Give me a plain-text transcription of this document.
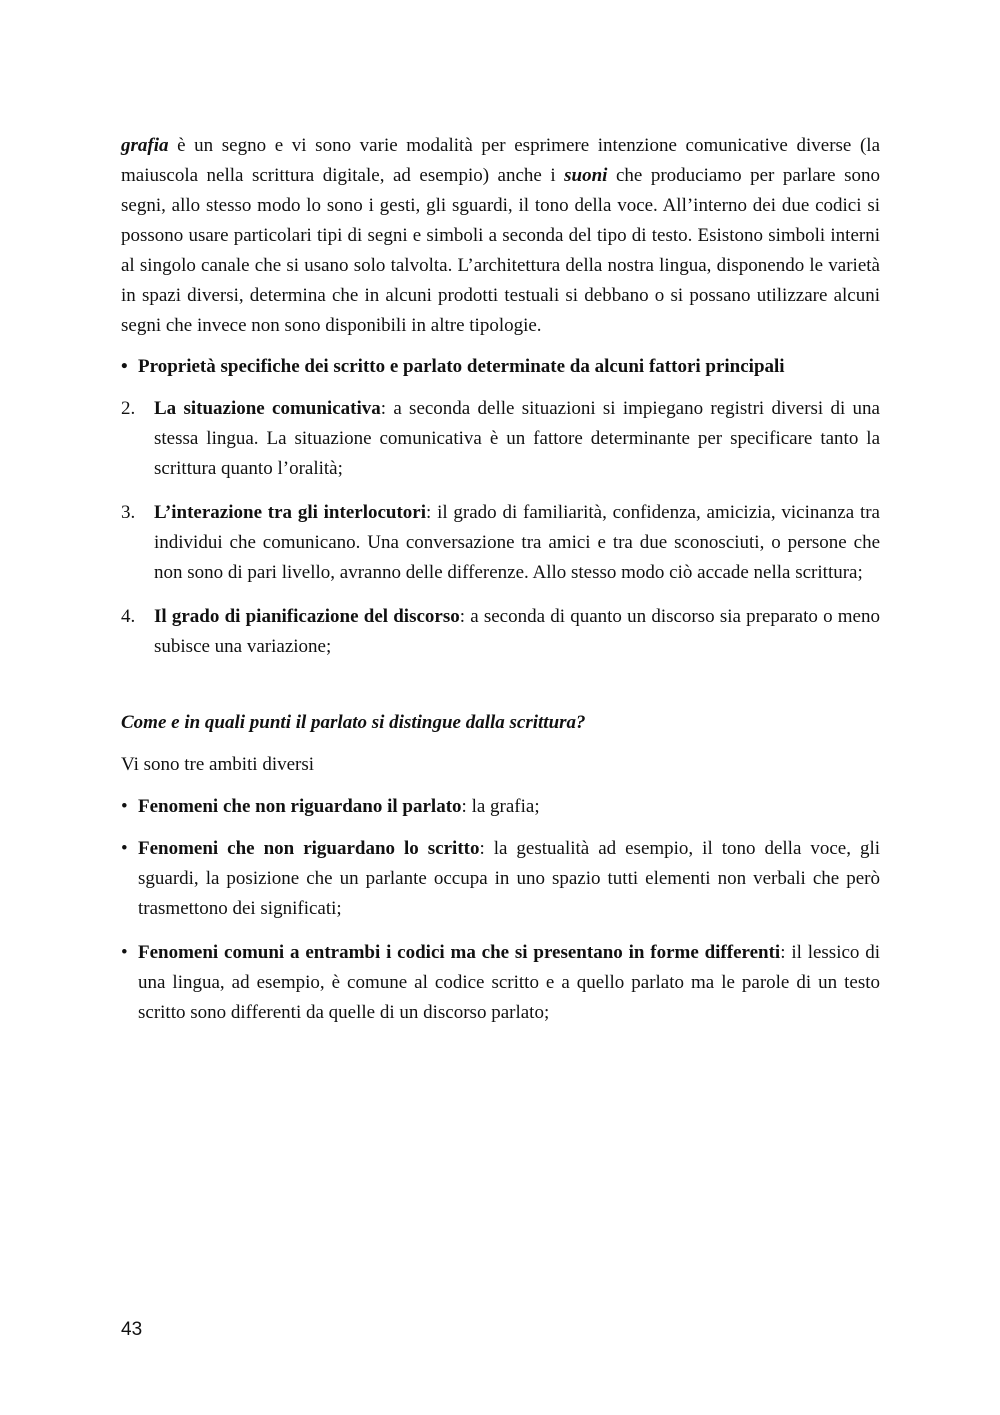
grafia è un segno e vi sono varie modalità per esprimere intenzione comunicative diverse (la maiuscola nella scrittura digitale, ad esempio) anche i suoni che produciamo per parlare sono segni, allo stesso modo lo sono i gesti, gli sguardi, il tono della voce. All’interno dei due codici si possono usare particolari tipi di segni e simboli a seconda del tipo di testo. Esistono simboli interni al singolo canale che si usano solo talvolta. L’architettura della nostra lingua, disponendo le varietà in spazi diversi, determina che in alcuni prodotti testuali si debbano o si possano utilizzare alcuni segni che invece non sono disponibili in altre tipologie.

• Proprietà specifiche dei scritto e parlato determinate da alcuni fattori principali

2. La situazione comunicativa: a seconda delle situazioni si impiegano registri diversi di una stessa lingua. La situazione comunicativa è un fattore determinante per specificare tanto la scrittura quanto l’oralità;

3. L’interazione tra gli interlocutori: il grado di familiarità, confidenza, amicizia, vicinanza tra individui che comunicano. Una conversazione tra amici e tra due sconosciuti, o persone che non sono di pari livello, avranno delle differenze. Allo stesso modo ciò accade nella scrittura;

4. Il grado di pianificazione del discorso: a seconda di quanto un discorso sia preparato o meno subisce una variazione;

Come e in quali punti il parlato si distingue dalla scrittura?

Vi sono tre ambiti diversi

• Fenomeni che non riguardano il parlato: la grafia;

• Fenomeni che non riguardano lo scritto: la gestualità ad esempio, il tono della voce, gli sguardi, la posizione che un parlante occupa in uno spazio tutti elementi non verbali che però trasmettono dei significati;

• Fenomeni comuni a entrambi i codici ma che si presentano in forme differenti: il lessico di una lingua, ad esempio, è comune al codice scritto e a quello parlato ma le parole di un testo scritto sono differenti da quelle di un discorso parlato;

43
